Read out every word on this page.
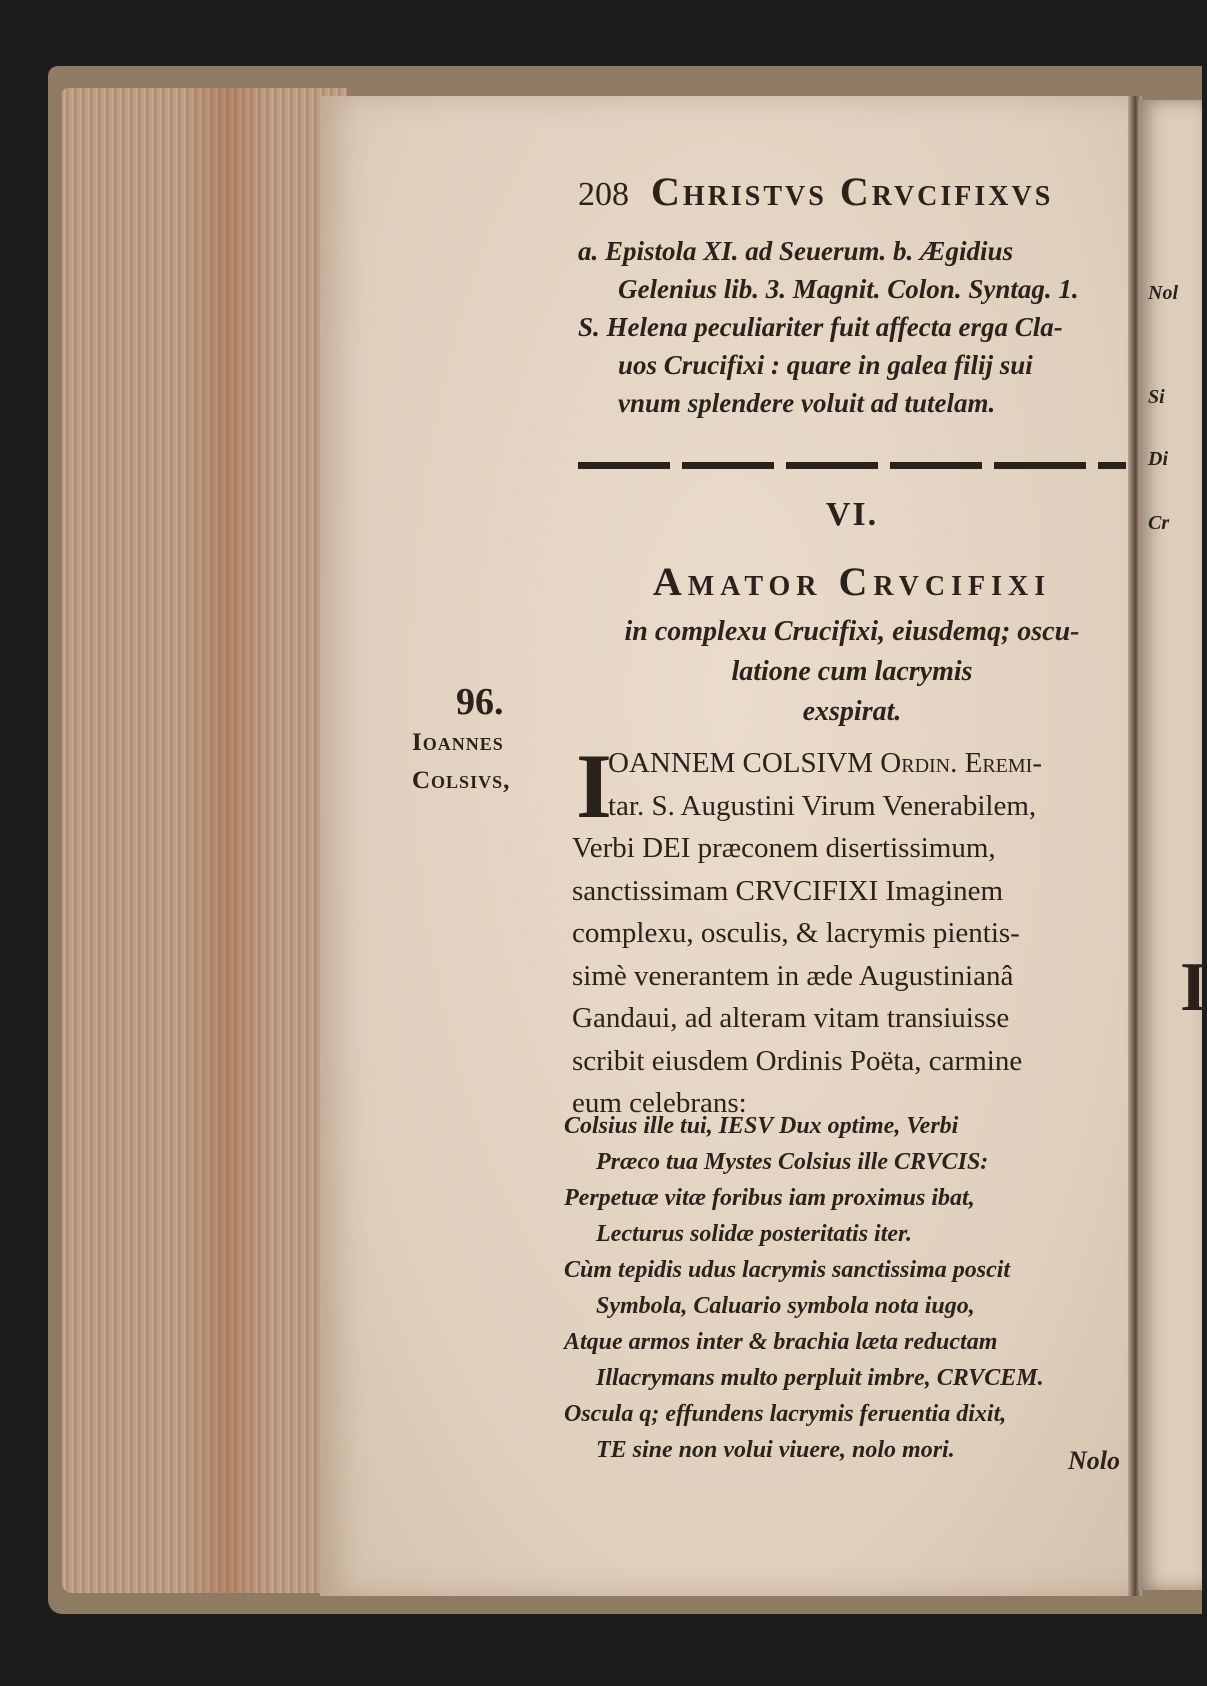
208 Christvs Crvcifixvs
a. Epistola XI. ad Seuerum. b. Ægidius
Gelenius lib. 3. Magnit. Colon. Syntag. 1.
S. Helena peculiariter fuit affecta erga Cla-
uos Crucifixi : quare in galea filij sui
vnum splendere voluit ad tutelam.
VI.
Amator Crvcifixi
in complexu Crucifixi, eiusdemq; oscu-
latione cum lacrymis
exspirat.
96.
Ioannes
Colsivs, I
OANNEM COLSIVM Ordin. Eremi-
tar. S. Augustini Virum Venerabilem,
Verbi DEI præconem disertissimum,
sanctissimam CRVCIFIXI Imaginem
complexu, osculis, & lacrymis pientis-
simè venerantem in æde Augustinianâ
Gandaui, ad alteram vitam transiuisse
scribit eiusdem Ordinis Poëta, carmine
eum celebrans:
Colsius ille tui, IESV Dux optime, Verbi
Præco tua Mystes Colsius ille CRVCIS:
Perpetuæ vitæ foribus iam proximus ibat,
Lecturus solidæ posteritatis iter.
Cùm tepidis udus lacrymis sanctissima poscit
Symbola, Caluario symbola nota iugo,
Atque armos inter & brachia læta reductam
Illacrymans multo perpluit imbre, CRVCEM.
Oscula q; effundens lacrymis feruentia dixit,
TE sine non volui viuere, nolo mori.	Nolo
Nol
Si
Di
Cr
I
